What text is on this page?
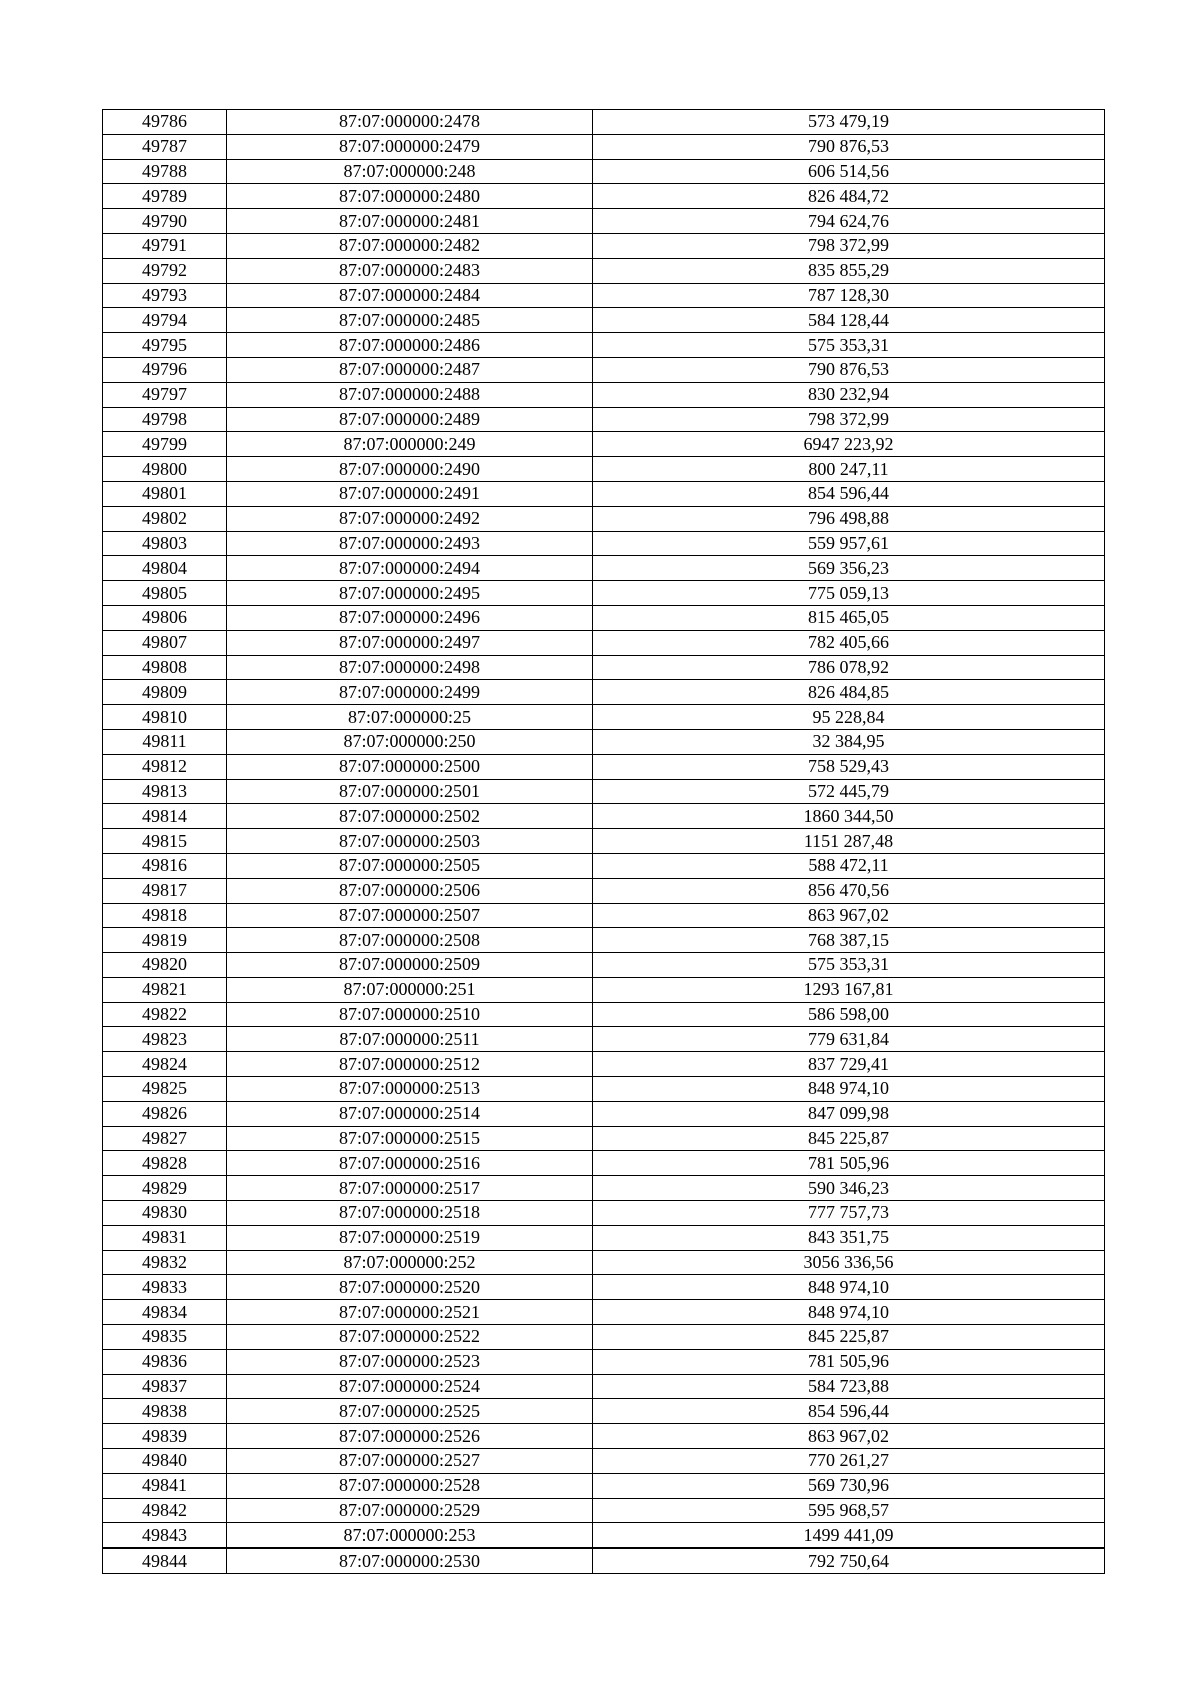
49786	87:07:000000:2478	573 479,19
49787	87:07:000000:2479	790 876,53
49788	87:07:000000:248	606 514,56
49789	87:07:000000:2480	826 484,72
49790	87:07:000000:2481	794 624,76
49791	87:07:000000:2482	798 372,99
49792	87:07:000000:2483	835 855,29
49793	87:07:000000:2484	787 128,30
49794	87:07:000000:2485	584 128,44
49795	87:07:000000:2486	575 353,31
49796	87:07:000000:2487	790 876,53
49797	87:07:000000:2488	830 232,94
49798	87:07:000000:2489	798 372,99
49799	87:07:000000:249	6947 223,92
49800	87:07:000000:2490	800 247,11
49801	87:07:000000:2491	854 596,44
49802	87:07:000000:2492	796 498,88
49803	87:07:000000:2493	559 957,61
49804	87:07:000000:2494	569 356,23
49805	87:07:000000:2495	775 059,13
49806	87:07:000000:2496	815 465,05
49807	87:07:000000:2497	782 405,66
49808	87:07:000000:2498	786 078,92
49809	87:07:000000:2499	826 484,85
49810	87:07:000000:25	95 228,84
49811	87:07:000000:250	32 384,95
49812	87:07:000000:2500	758 529,43
49813	87:07:000000:2501	572 445,79
49814	87:07:000000:2502	1860 344,50
49815	87:07:000000:2503	1151 287,48
49816	87:07:000000:2505	588 472,11
49817	87:07:000000:2506	856 470,56
49818	87:07:000000:2507	863 967,02
49819	87:07:000000:2508	768 387,15
49820	87:07:000000:2509	575 353,31
49821	87:07:000000:251	1293 167,81
49822	87:07:000000:2510	586 598,00
49823	87:07:000000:2511	779 631,84
49824	87:07:000000:2512	837 729,41
49825	87:07:000000:2513	848 974,10
49826	87:07:000000:2514	847 099,98
49827	87:07:000000:2515	845 225,87
49828	87:07:000000:2516	781 505,96
49829	87:07:000000:2517	590 346,23
49830	87:07:000000:2518	777 757,73
49831	87:07:000000:2519	843 351,75
49832	87:07:000000:252	3056 336,56
49833	87:07:000000:2520	848 974,10
49834	87:07:000000:2521	848 974,10
49835	87:07:000000:2522	845 225,87
49836	87:07:000000:2523	781 505,96
49837	87:07:000000:2524	584 723,88
49838	87:07:000000:2525	854 596,44
49839	87:07:000000:2526	863 967,02
49840	87:07:000000:2527	770 261,27
49841	87:07:000000:2528	569 730,96
49842	87:07:000000:2529	595 968,57
49843	87:07:000000:253	1499 441,09
49844	87:07:000000:2530	792 750,64
